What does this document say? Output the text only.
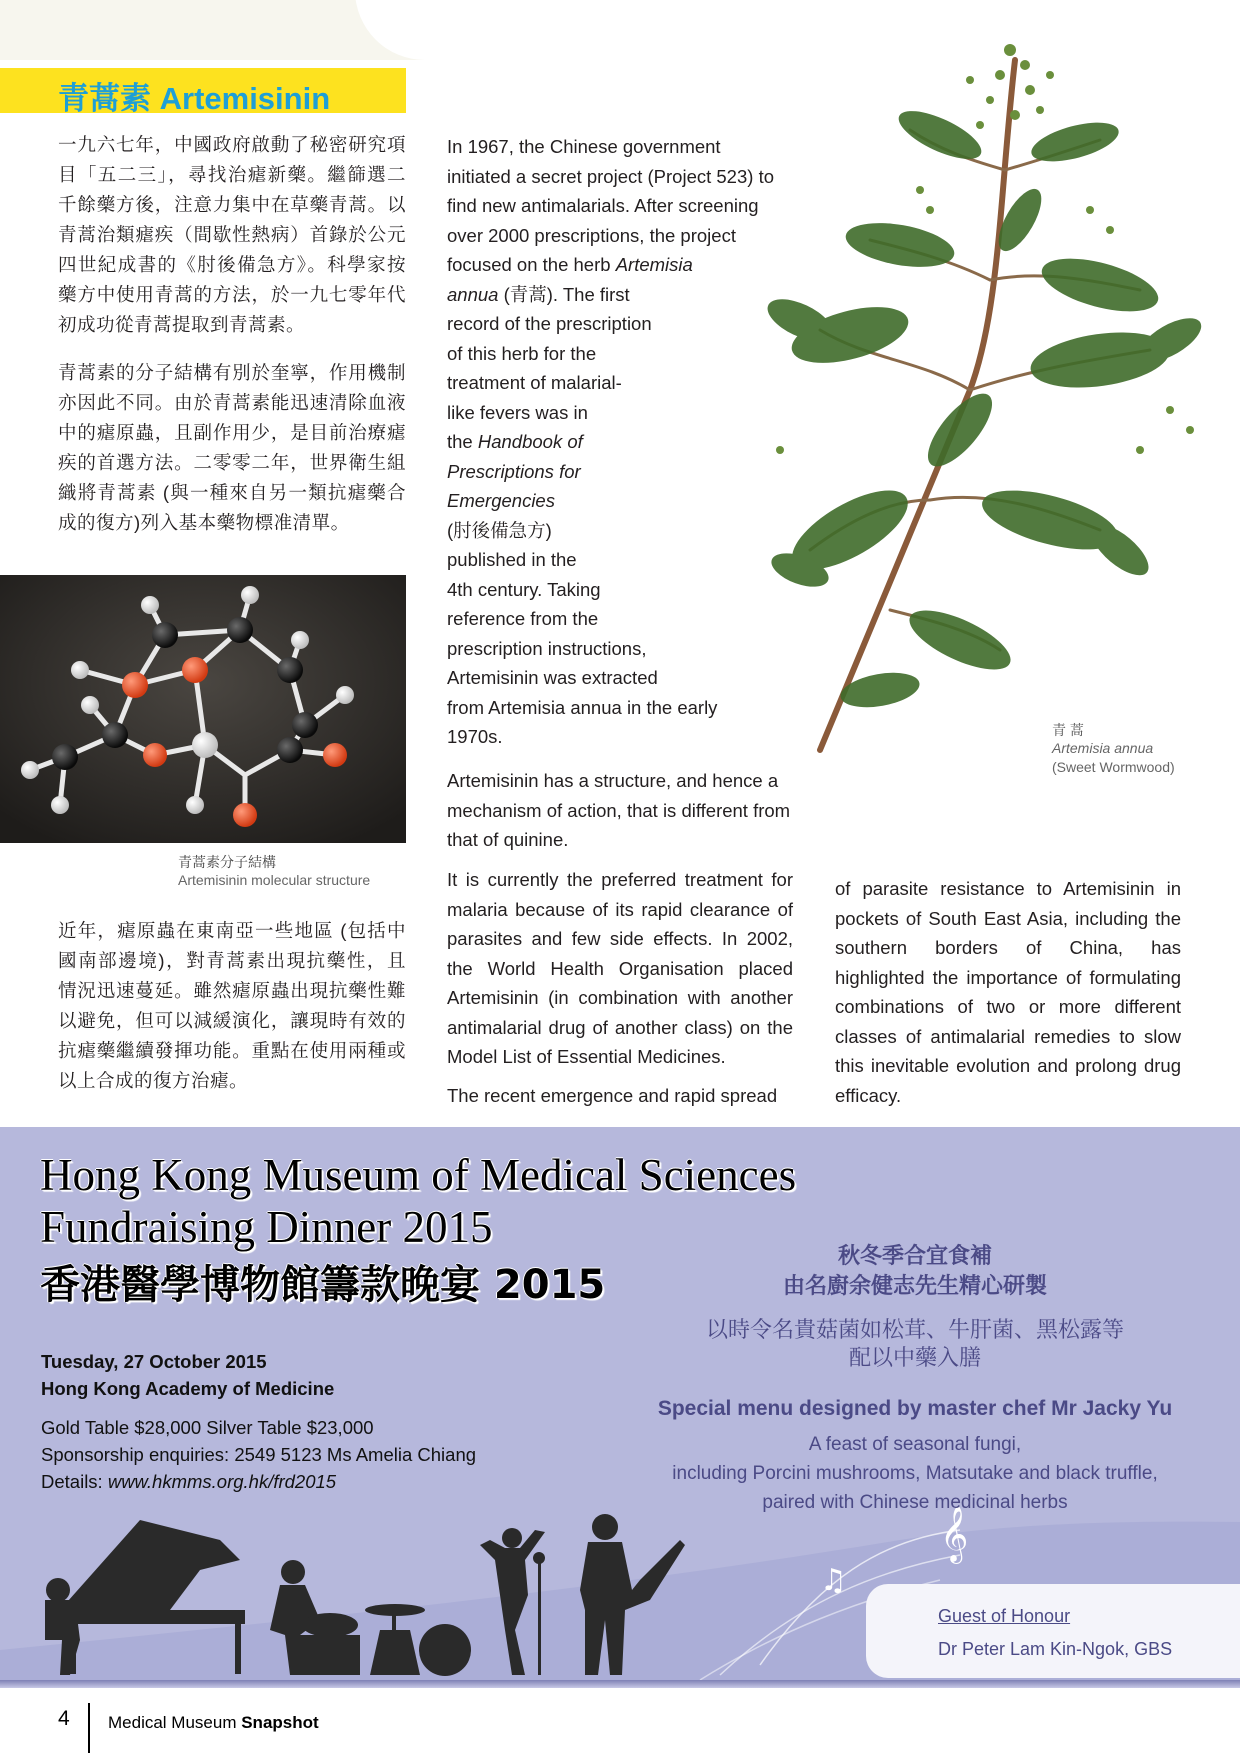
青蒿素 Artemisinin

一九六七年，中國政府啟動了秘密研究項目「五二三」，尋找治瘧新藥。繼篩選二千餘藥方後，注意力集中在草藥青蒿。以青蒿治類瘧疾（間歇性熱病）首錄於公元四世紀成書的《肘後備急方》。科學家按藥方中使用青蒿的方法，於一九七零年代初成功從青蒿提取到青蒿素。

青蒿素的分子結構有別於奎寧，作用機制亦因此不同。由於青蒿素能迅速清除血液中的瘧原蟲，且副作用少，是目前治療瘧疾的首選方法。二零零二年，世界衛生組織將青蒿素 (與一種來自另一類抗瘧藥合成的復方)列入基本藥物標准清單。

青蒿素分子結構
Artemisinin molecular structure

近年，瘧原蟲在東南亞一些地區 (包括中國南部邊境)，對青蒿素出現抗藥性，且情況迅速蔓延。雖然瘧原蟲出現抗藥性難以避免，但可以減緩演化，讓現時有效的抗瘧藥繼續發揮功能。重點在使用兩種或以上合成的復方治瘧。

In 1967, the Chinese government
initiated a secret project (Project 523) to
find new antimalarials. After screening
over 2000 prescriptions, the project
focused on the herb Artemisia
annua (青蒿). The first
record of the prescription
of this herb for the
treatment of malarial-
like fevers was in
the Handbook of
Prescriptions for
Emergencies
(肘後備急方)
published in the
4th century. Taking
reference from the
prescription instructions,
Artemisinin was extracted
from Artemisia annua in the early
1970s.

Artemisinin has a structure, and hence a mechanism of action, that is different from that of quinine.

It is currently the preferred treatment for malaria because of its rapid clearance of parasites and few side effects. In 2002, the World Health Organisation placed Artemisinin (in combination with another antimalarial drug of another class) on the Model List of Essential Medicines.

The recent emergence and rapid spread

of parasite resistance to Artemisinin in pockets of South East Asia, including the southern borders of China, has highlighted the importance of formulating combinations of two or more different classes of antimalarial remedies to slow this inevitable evolution and prolong drug efficacy.

青 蒿
Artemisia annua
(Sweet Wormwood)
♫
𝄞
Hong Kong Museum of Medical Sciences
Fundraising Dinner 2015
香港醫學博物館籌款晚宴 2015
Tuesday, 27 October 2015
Hong Kong Academy of Medicine
Gold Table $28,000 Silver Table $23,000
Sponsorship enquiries: 2549 5123 Ms Amelia Chiang
Details: www.hkmms.org.hk/frd2015
秋冬季合宜食補
由名廚余健志先生精心研製
以時令名貴菇菌如松茸、牛肝菌、黑松露等
配以中藥入膳
Special menu designed by master chef Mr Jacky Yu
A feast of seasonal fungi,
including Porcini mushrooms, Matsutake and black truffle,
paired with Chinese medicinal herbs
Guest of Honour
Dr Peter Lam Kin-Ngok, GBS
4 Medical Museum Snapshot
